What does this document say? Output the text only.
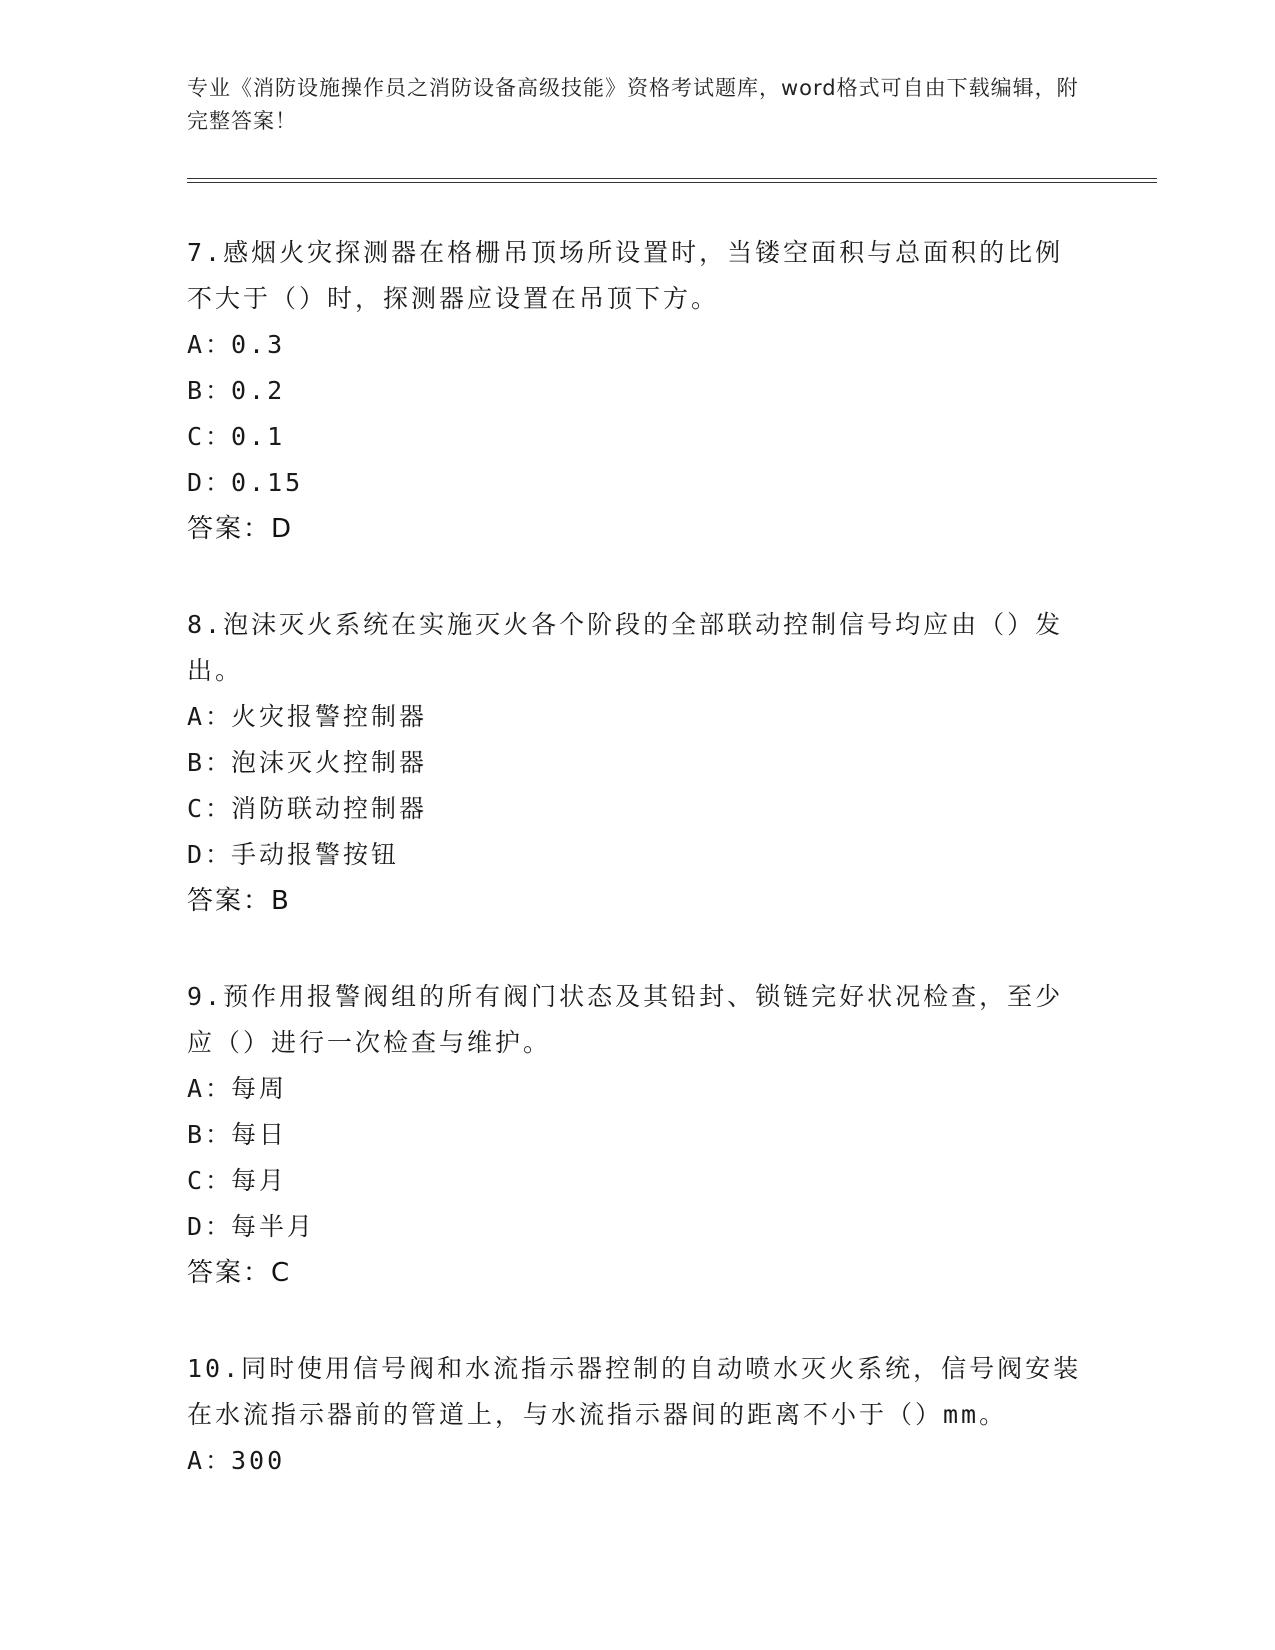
专业《消防设施操作员之消防设备高级技能》资格考试题库，word格式可自由下载编辑，附完整答案！
7.感烟火灾探测器在格栅吊顶场所设置时，当镂空面积与总面积的比例不大于（）时，探测器应设置在吊顶下方。
A：0.3
B：0.2
C：0.1
D：0.15
答案：D
8.泡沫灭火系统在实施灭火各个阶段的全部联动控制信号均应由（）发出。
A：火灾报警控制器
B：泡沫灭火控制器
C：消防联动控制器
D：手动报警按钮
答案：B
9.预作用报警阀组的所有阀门状态及其铅封、锁链完好状况检查，至少应（）进行一次检查与维护。
A：每周
B：每日
C：每月
D：每半月
答案：C
10.同时使用信号阀和水流指示器控制的自动喷水灭火系统，信号阀安装在水流指示器前的管道上，与水流指示器间的距离不小于（）mm。
A：300
